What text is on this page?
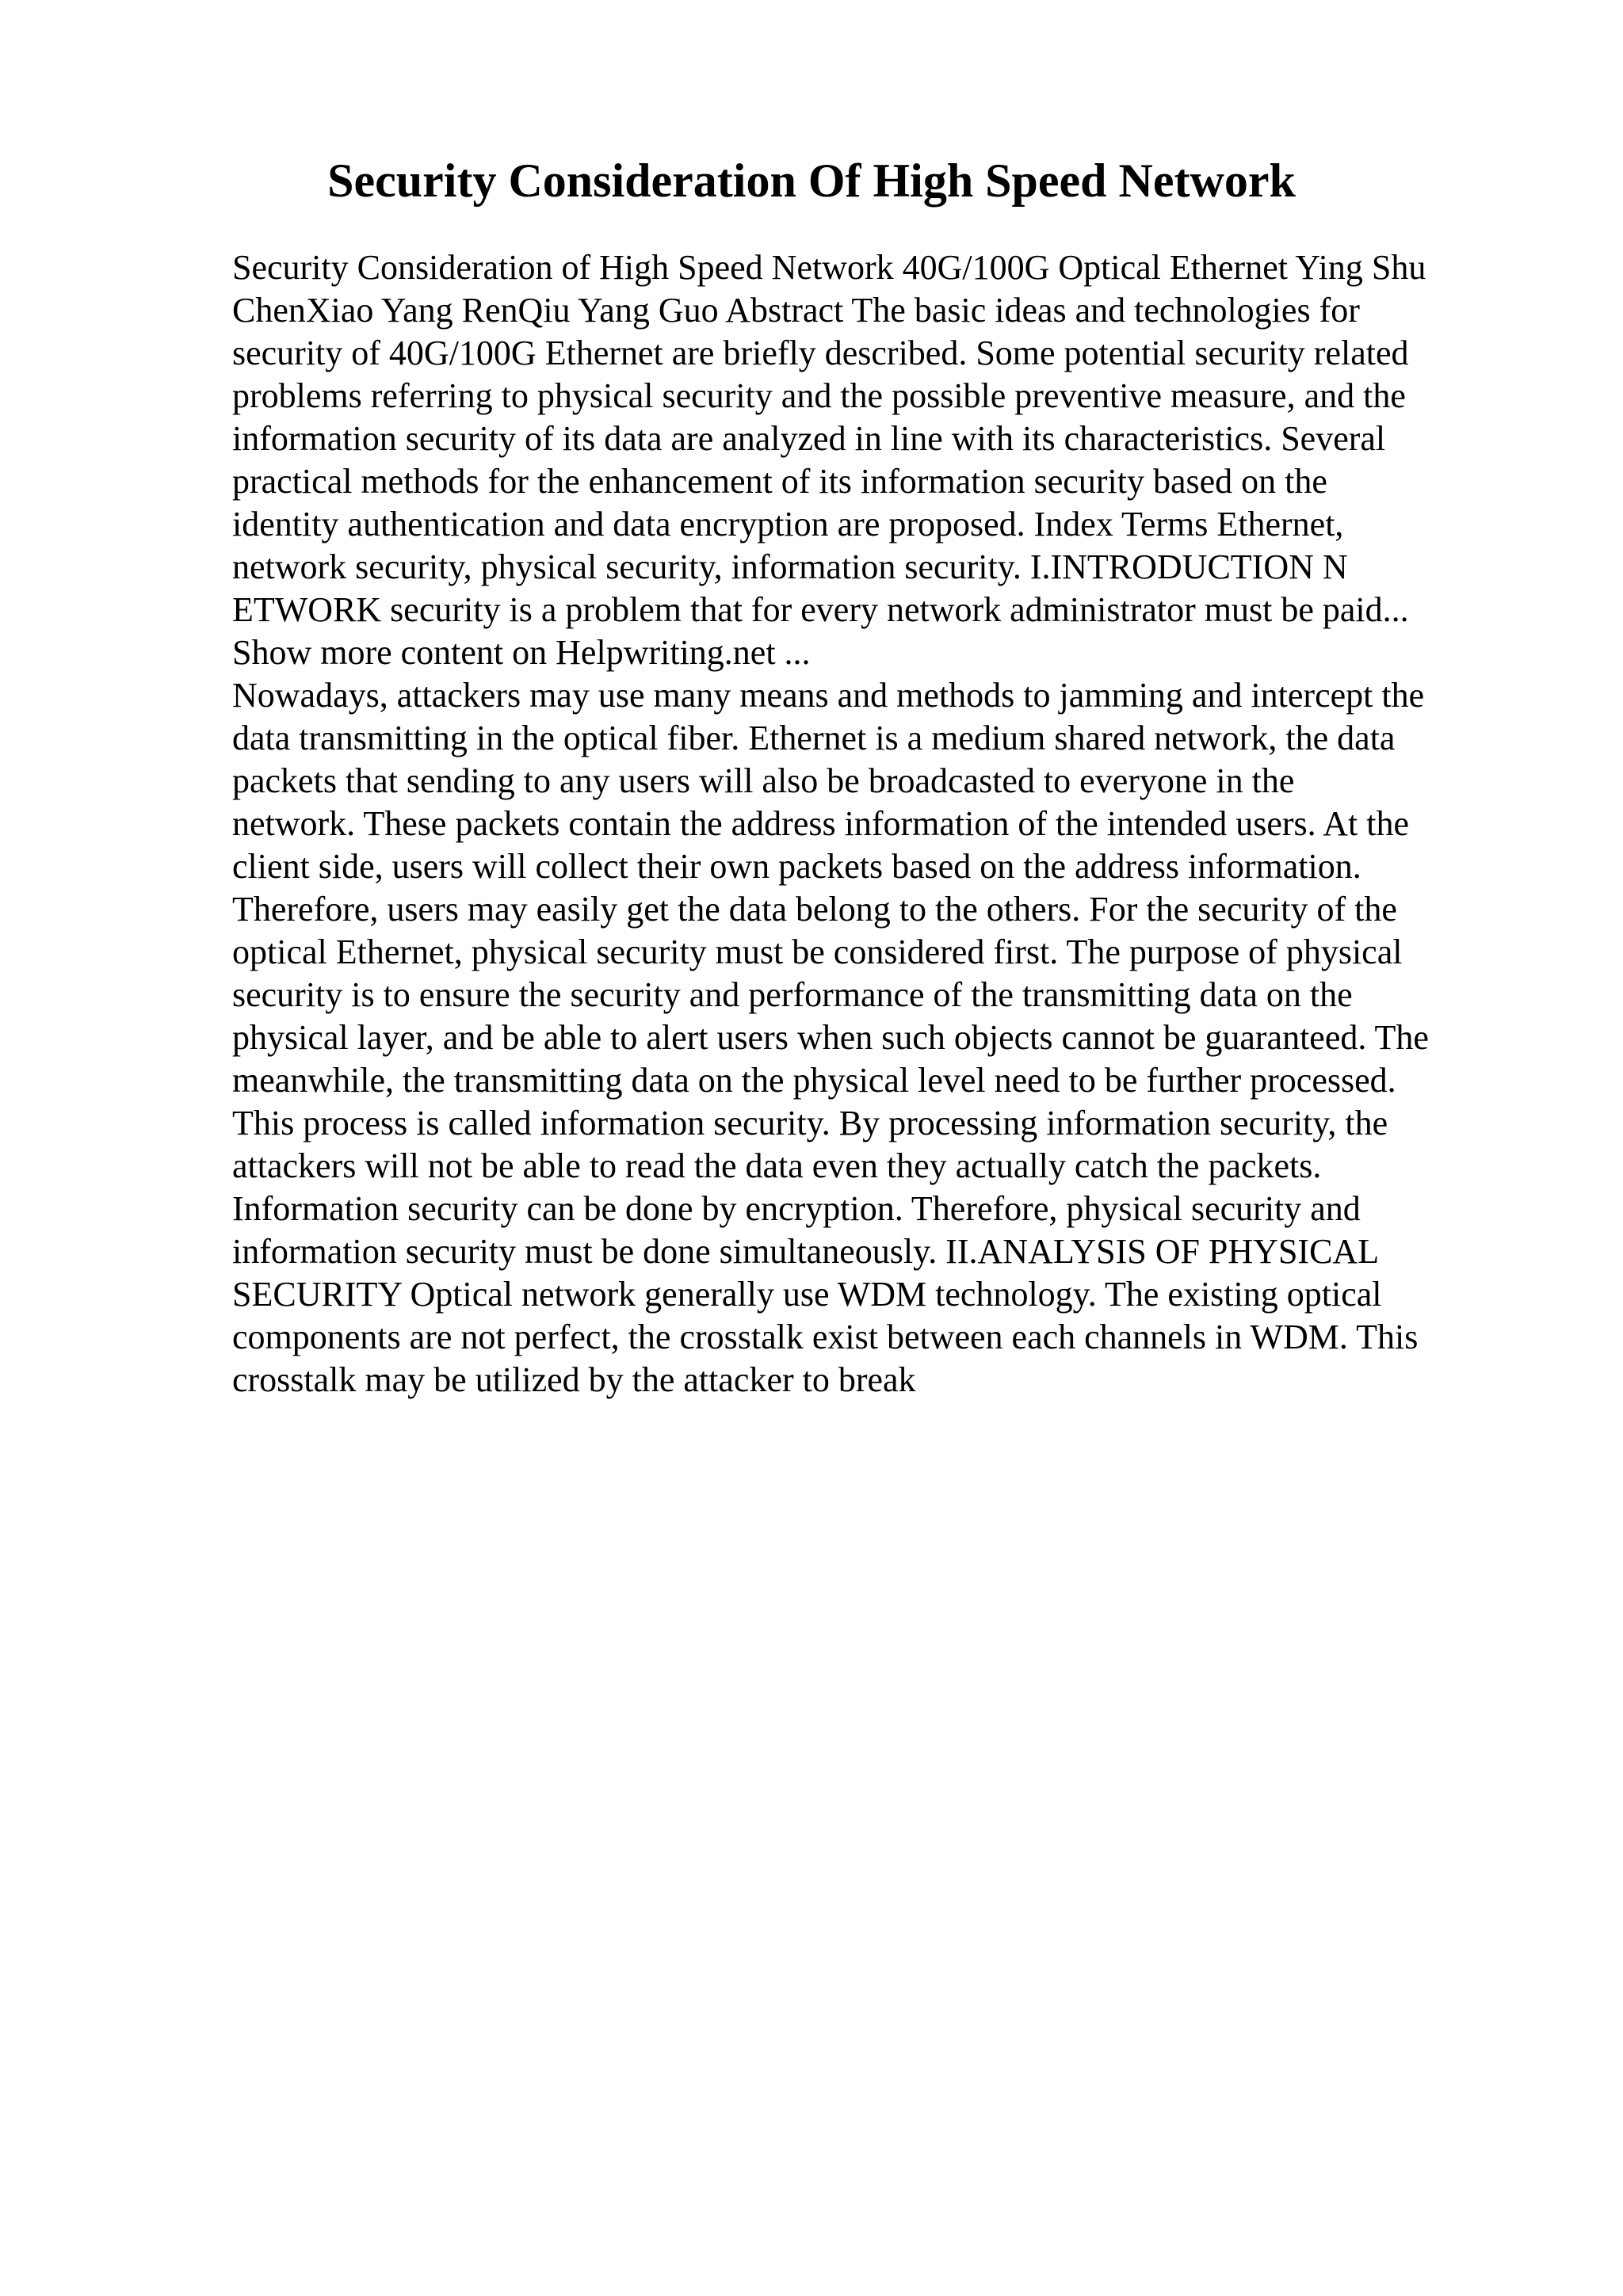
Security Consideration Of High Speed Network
Security Consideration of High Speed Network 40G/100G Optical Ethernet Ying Shu
ChenXiao Yang RenQiu Yang Guo Abstract The basic ideas and technologies for
security of 40G/100G Ethernet are briefly described. Some potential security related
problems referring to physical security and the possible preventive measure, and the
information security of its data are analyzed in line with its characteristics. Several
practical methods for the enhancement of its information security based on the
identity authentication and data encryption are proposed. Index Terms Ethernet,
network security, physical security, information security. I.INTRODUCTION N
ETWORK security is a problem that for every network administrator must be paid...
Show more content on Helpwriting.net ...
Nowadays, attackers may use many means and methods to jamming and intercept the
data transmitting in the optical fiber. Ethernet is a medium shared network, the data
packets that sending to any users will also be broadcasted to everyone in the
network. These packets contain the address information of the intended users. At the
client side, users will collect their own packets based on the address information.
Therefore, users may easily get the data belong to the others. For the security of the
optical Ethernet, physical security must be considered first. The purpose of physical
security is to ensure the security and performance of the transmitting data on the
physical layer, and be able to alert users when such objects cannot be guaranteed. The
meanwhile, the transmitting data on the physical level need to be further processed.
This process is called information security. By processing information security, the
attackers will not be able to read the data even they actually catch the packets.
Information security can be done by encryption. Therefore, physical security and
information security must be done simultaneously. II.ANALYSIS OF PHYSICAL
SECURITY Optical network generally use WDM technology. The existing optical
components are not perfect, the crosstalk exist between each channels in WDM. This
crosstalk may be utilized by the attacker to break
